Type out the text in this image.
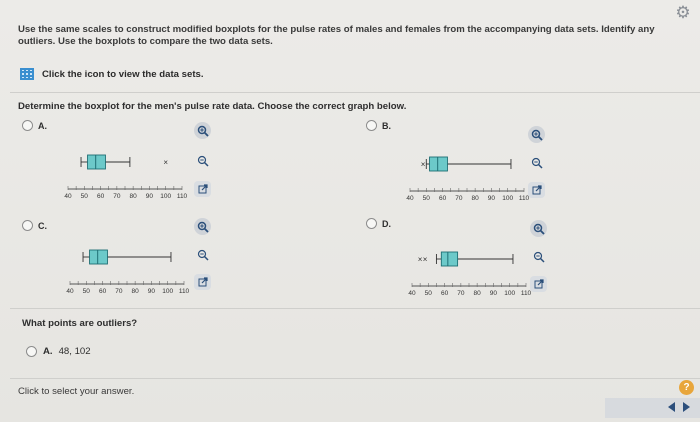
⚙
Use the same scales to construct modified boxplots for the pulse rates of males and females from the accompanying data sets. Identify any outliers. Use the boxplots to compare the two data sets.
Click the icon to view the data sets.
Determine the boxplot for the men's pulse rate data. Choose the correct graph below.
A.
40 50 60 70 80 90 100 110
×
B.
40 50 60 70 80 90 100 110
×
C.
40 50 60 70 80 90 100 110
D.
40 50 60 70 80 90 100 110
× ×
What points are outliers?
A. 48, 102
Click to select your answer.	?
